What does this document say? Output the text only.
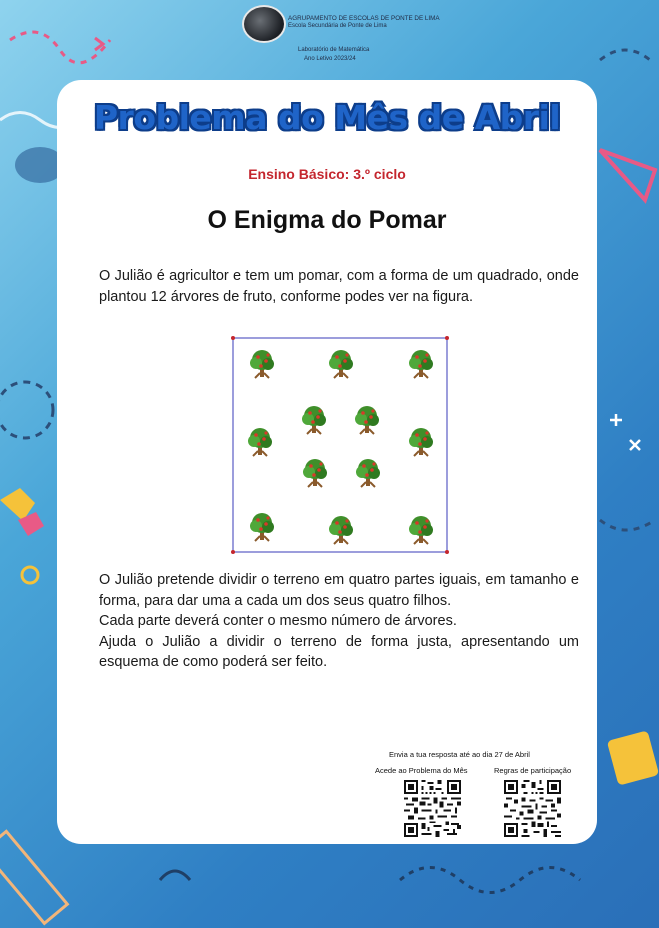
AGRUPAMENTO DE ESCOLAS DE PONTE DE LIMA
Escola Secundária de Ponte de Lima
Laboratório de Matemática
Ano Letivo 2023/24
Problema do Mês de Abril
Ensino Básico: 3.º ciclo
O Enigma do Pomar
O Julião é agricultor e tem um pomar, com a forma de um quadrado, onde plantou 12 árvores de fruto, conforme podes ver na figura.
O Julião pretende dividir o terreno em quatro partes iguais, em tamanho e forma, para dar uma a cada um dos seus quatro filhos.
Cada parte deverá conter o mesmo número de árvores.
Ajuda o Julião a dividir o terreno de forma justa, apresentando um esquema de como poderá ser feito.
Envia a tua resposta até ao dia 27 de Abril
Acede ao Problema do Mês	Regras de participação
